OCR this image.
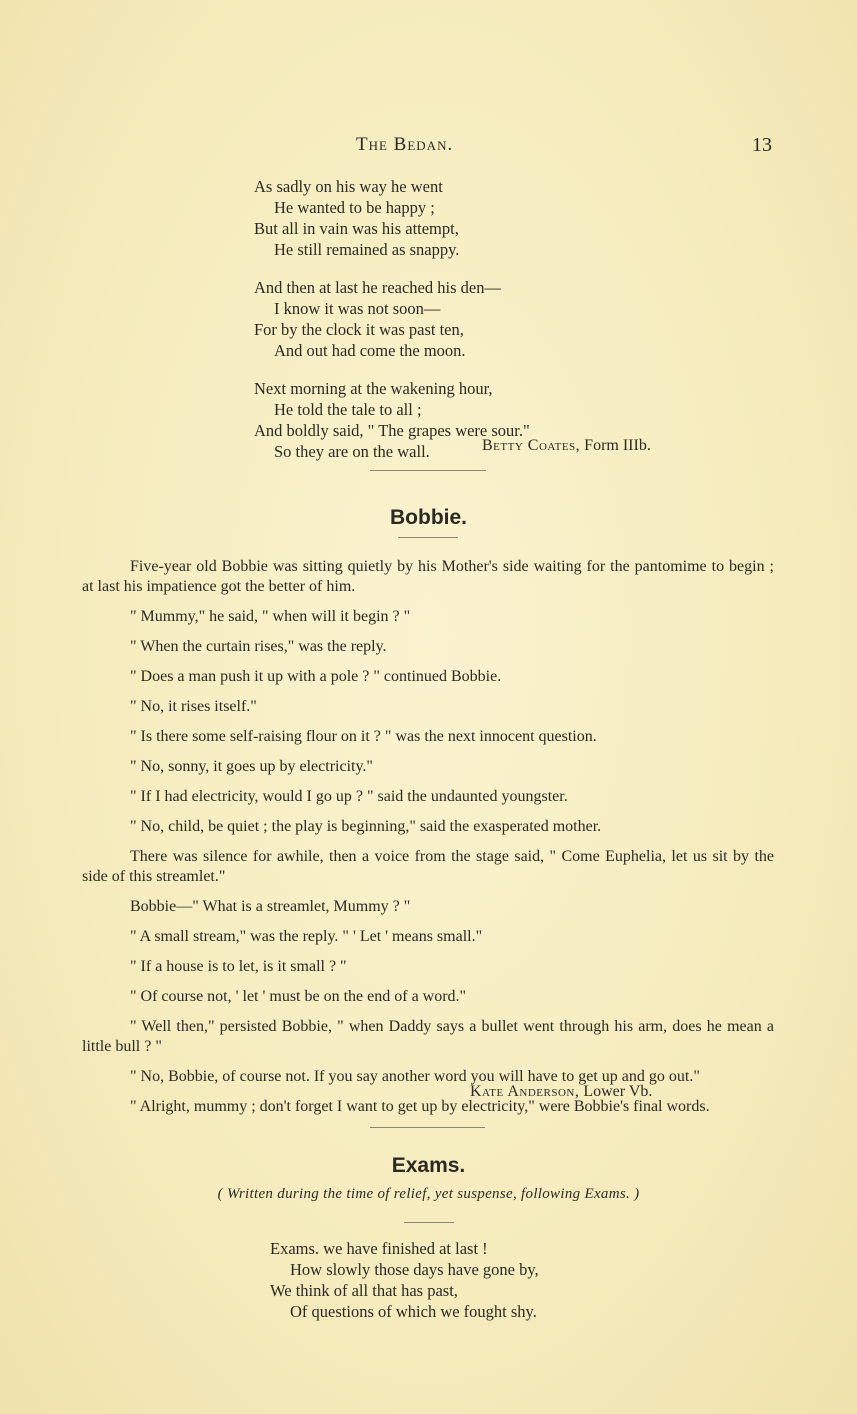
The Bedan.	13
As sadly on his way he went
He wanted to be happy ;
But all in vain was his attempt,
He still remained as snappy.
And then at last he reached his den—
I know it was not soon—
For by the clock it was past ten,
And out had come the moon.
Next morning at the wakening hour,
He told the tale to all ;
And boldly said, " The grapes were sour."
So they are on the wall.	Betty Coates, Form IIIb.
Bobbie.

Five-year old Bobbie was sitting quietly by his Mother's side waiting for the pantomime to begin ; at last his impatience got the better of him.

" Mummy," he said, " when will it begin ? "

" When the curtain rises," was the reply.

" Does a man push it up with a pole ? " continued Bobbie.

" No, it rises itself."

" Is there some self-raising flour on it ? " was the next innocent question.

" No, sonny, it goes up by electricity."

" If I had electricity, would I go up ? " said the undaunted youngster.

" No, child, be quiet ; the play is beginning," said the exasperated mother.

There was silence for awhile, then a voice from the stage said, " Come Euphelia, let us sit by the side of this streamlet."

Bobbie—" What is a streamlet, Mummy ? "

" A small stream," was the reply. " ' Let ' means small."

" If a house is to let, is it small ? "

" Of course not, ' let ' must be on the end of a word."

" Well then," persisted Bobbie, " when Daddy says a bullet went through his arm, does he mean a little bull ? "

" No, Bobbie, of course not. If you say another word you will have to get up and go out."

" Alright, mummy ; don't forget I want to get up by electricity," were Bobbie's final words.

Kate Anderson, Lower Vb.
Exams.
( Written during the time of relief, yet suspense, following Exams. )
Exams. we have finished at last !
How slowly those days have gone by,
We think of all that has past,
Of questions of which we fought shy.
